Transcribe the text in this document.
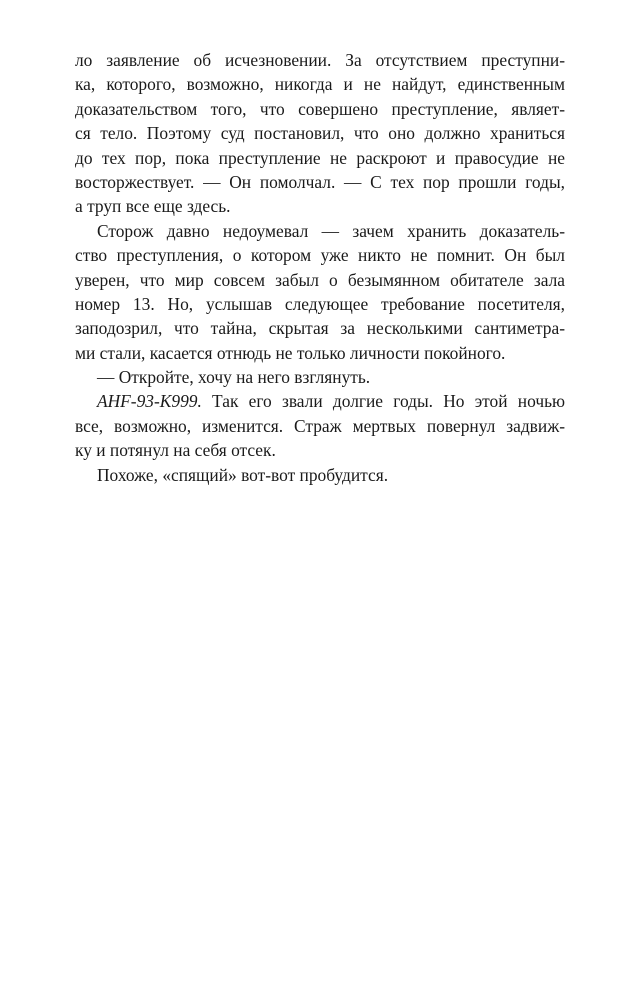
ло заявление об исчезновении. За отсутствием преступни-
ка, которого, возможно, никогда и не найдут, единственным
доказательством того, что совершено преступление, являет-
ся тело. Поэтому суд постановил, что оно должно храниться
до тех пор, пока преступление не раскроют и правосудие не
восторжествует. — Он помолчал. — С тех пор прошли годы,
а труп все еще здесь.

Сторож давно недоумевал — зачем хранить доказатель-
ство преступления, о котором уже никто не помнит. Он был
уверен, что мир совсем забыл о безымянном обитателе зала
номер 13. Но, услышав следующее требование посетителя,
заподозрил, что тайна, скрытая за несколькими сантиметра-
ми стали, касается отнюдь не только личности покойного.

— Откройте, хочу на него взглянуть.

AHF-93-K999. Так его звали долгие годы. Но этой ночью
все, возможно, изменится. Страж мертвых повернул задвиж-
ку и потянул на себя отсек.

Похоже, «спящий» вот-вот пробудится.
